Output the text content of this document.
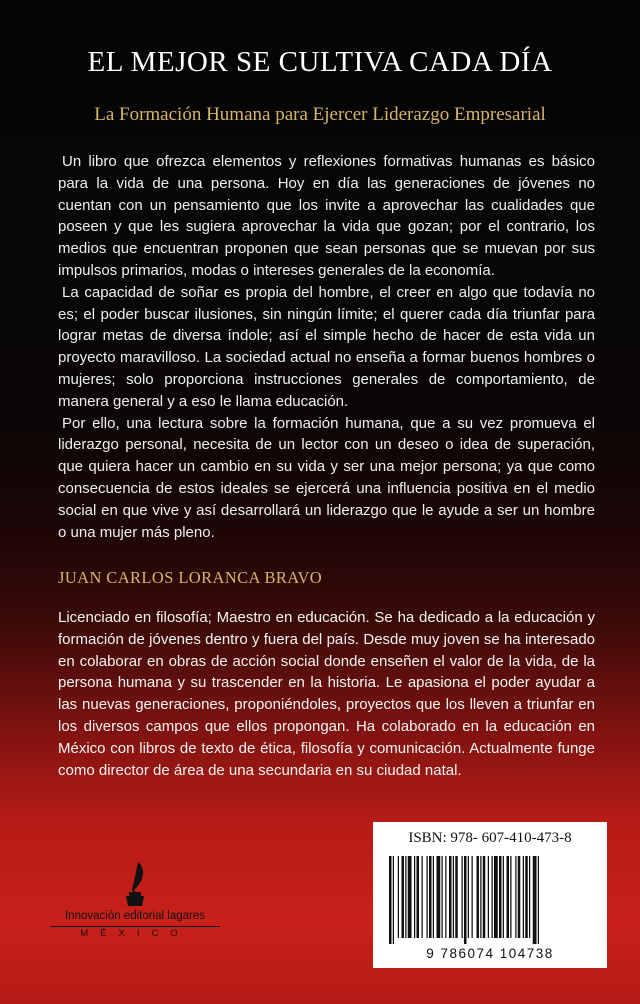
EL MEJOR SE CULTIVA CADA DÍA
La Formación Humana para Ejercer Liderazgo Empresarial

Un libro que ofrezca elementos y reflexiones formativas humanas es básico para la vida de una persona. Hoy en día las generaciones de jóvenes no cuentan con un pensamiento que los invite a aprovechar las cualidades que poseen y que les sugiera aprovechar la vida que gozan; por el contrario, los medios que encuentran proponen que sean personas que se muevan por sus impulsos primarios, modas o intereses generales de la economía.

La capacidad de soñar es propia del hombre, el creer en algo que todavía no es; el poder buscar ilusiones, sin ningún límite; el querer cada día triunfar para lograr metas de diversa índole; así el simple hecho de hacer de esta vida un proyecto maravilloso. La sociedad actual no enseña a formar buenos hombres o mujeres; solo proporciona instrucciones generales de comportamiento, de manera general y a eso le llama educación.

Por ello, una lectura sobre la formación humana, que a su vez promueva el liderazgo personal, necesita de un lector con un deseo o idea de superación, que quiera hacer un cambio en su vida y ser una mejor persona; ya que como consecuencia de estos ideales se ejercerá una influencia positiva en el medio social en que vive y así desarrollará un liderazgo que le ayude a ser un hombre o una mujer más pleno.

JUAN CARLOS LORANCA BRAVO
Licenciado en filosofía; Maestro en educación. Se ha dedicado a la educación y formación de jóvenes dentro y fuera del país. Desde muy joven se ha interesado en colaborar en obras de acción social donde enseñen el valor de la vida, de la persona humana y su trascender en la historia. Le apasiona el poder ayudar a las nuevas generaciones, proponiéndoles, proyectos que los lleven a triunfar en los diversos campos que ellos propongan. Ha colaborado en la educación en México con libros de texto de ética, filosofía y comunicación. Actualmente funge como director de área de una secundaria en su ciudad natal.
Innovación editorial lagares
MÉXICO
ISBN: 978- 607-410-473-8
9 786074 104738
